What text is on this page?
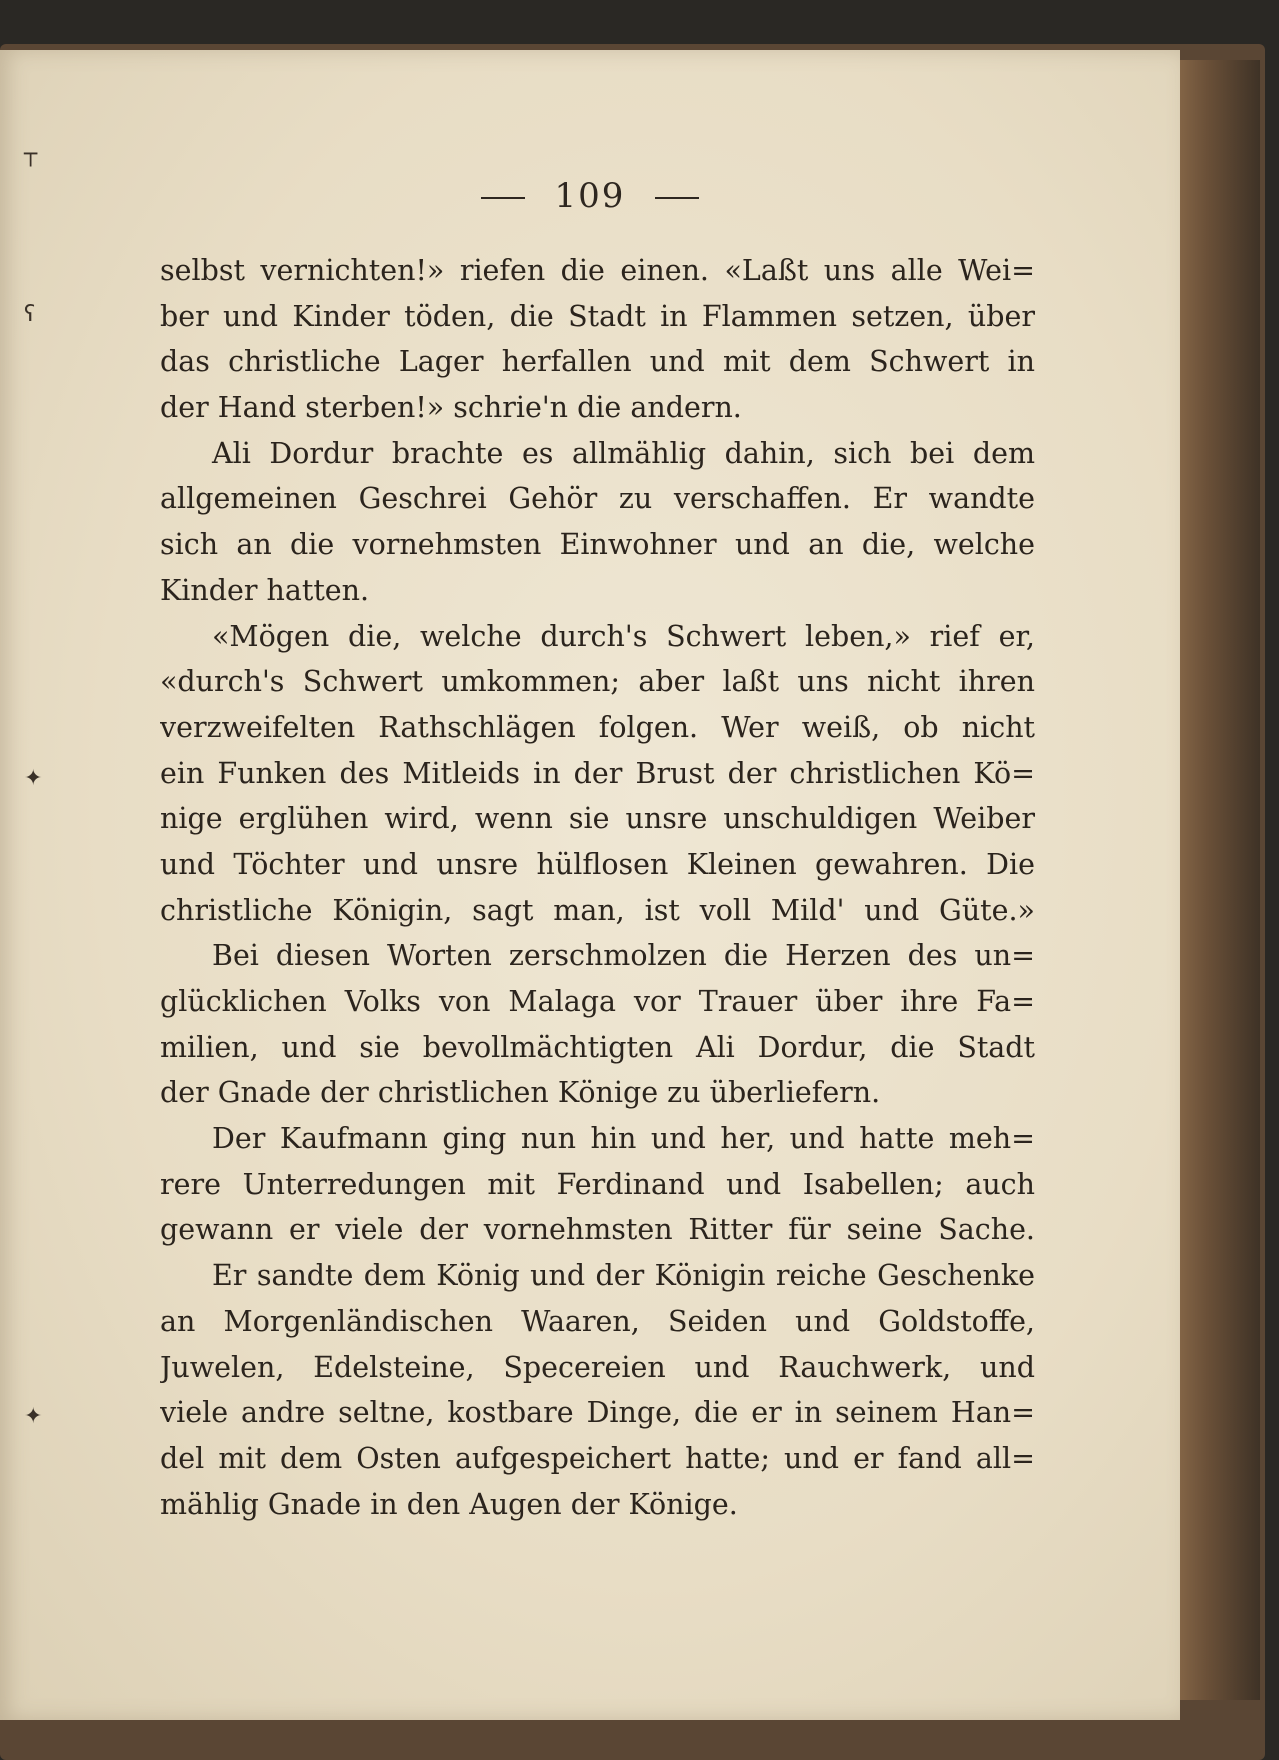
┬
ʕ
✦
✦
109
selbst vernichten!» riefen die einen. «Laßt uns alle Wei=
ber und Kinder töden, die Stadt in Flammen setzen, über
das christliche Lager herfallen und mit dem Schwert in
der Hand sterben!» schrie'n die andern.
Ali Dordur brachte es allmählig dahin, sich bei dem
allgemeinen Geschrei Gehör zu verschaffen. Er wandte
sich an die vornehmsten Einwohner und an die, welche
Kinder hatten.
«Mögen die, welche durch's Schwert leben,» rief er,
«durch's Schwert umkommen; aber laßt uns nicht ihren
verzweifelten Rathschlägen folgen. Wer weiß, ob nicht
ein Funken des Mitleids in der Brust der christlichen Kö=
nige erglühen wird, wenn sie unsre unschuldigen Weiber
und Töchter und unsre hülflosen Kleinen gewahren. Die
christliche Königin, sagt man, ist voll Mild' und Güte.»
Bei diesen Worten zerschmolzen die Herzen des un=
glücklichen Volks von Malaga vor Trauer über ihre Fa=
milien, und sie bevollmächtigten Ali Dordur, die Stadt
der Gnade der christlichen Könige zu überliefern.
Der Kaufmann ging nun hin und her, und hatte meh=
rere Unterredungen mit Ferdinand und Isabellen; auch
gewann er viele der vornehmsten Ritter für seine Sache.
Er sandte dem König und der Königin reiche Geschenke
an Morgenländischen Waaren, Seiden und Goldstoffe,
Juwelen, Edelsteine, Specereien und Rauchwerk, und
viele andre seltne, kostbare Dinge, die er in seinem Han=
del mit dem Osten aufgespeichert hatte; und er fand all=
mählig Gnade in den Augen der Könige.
